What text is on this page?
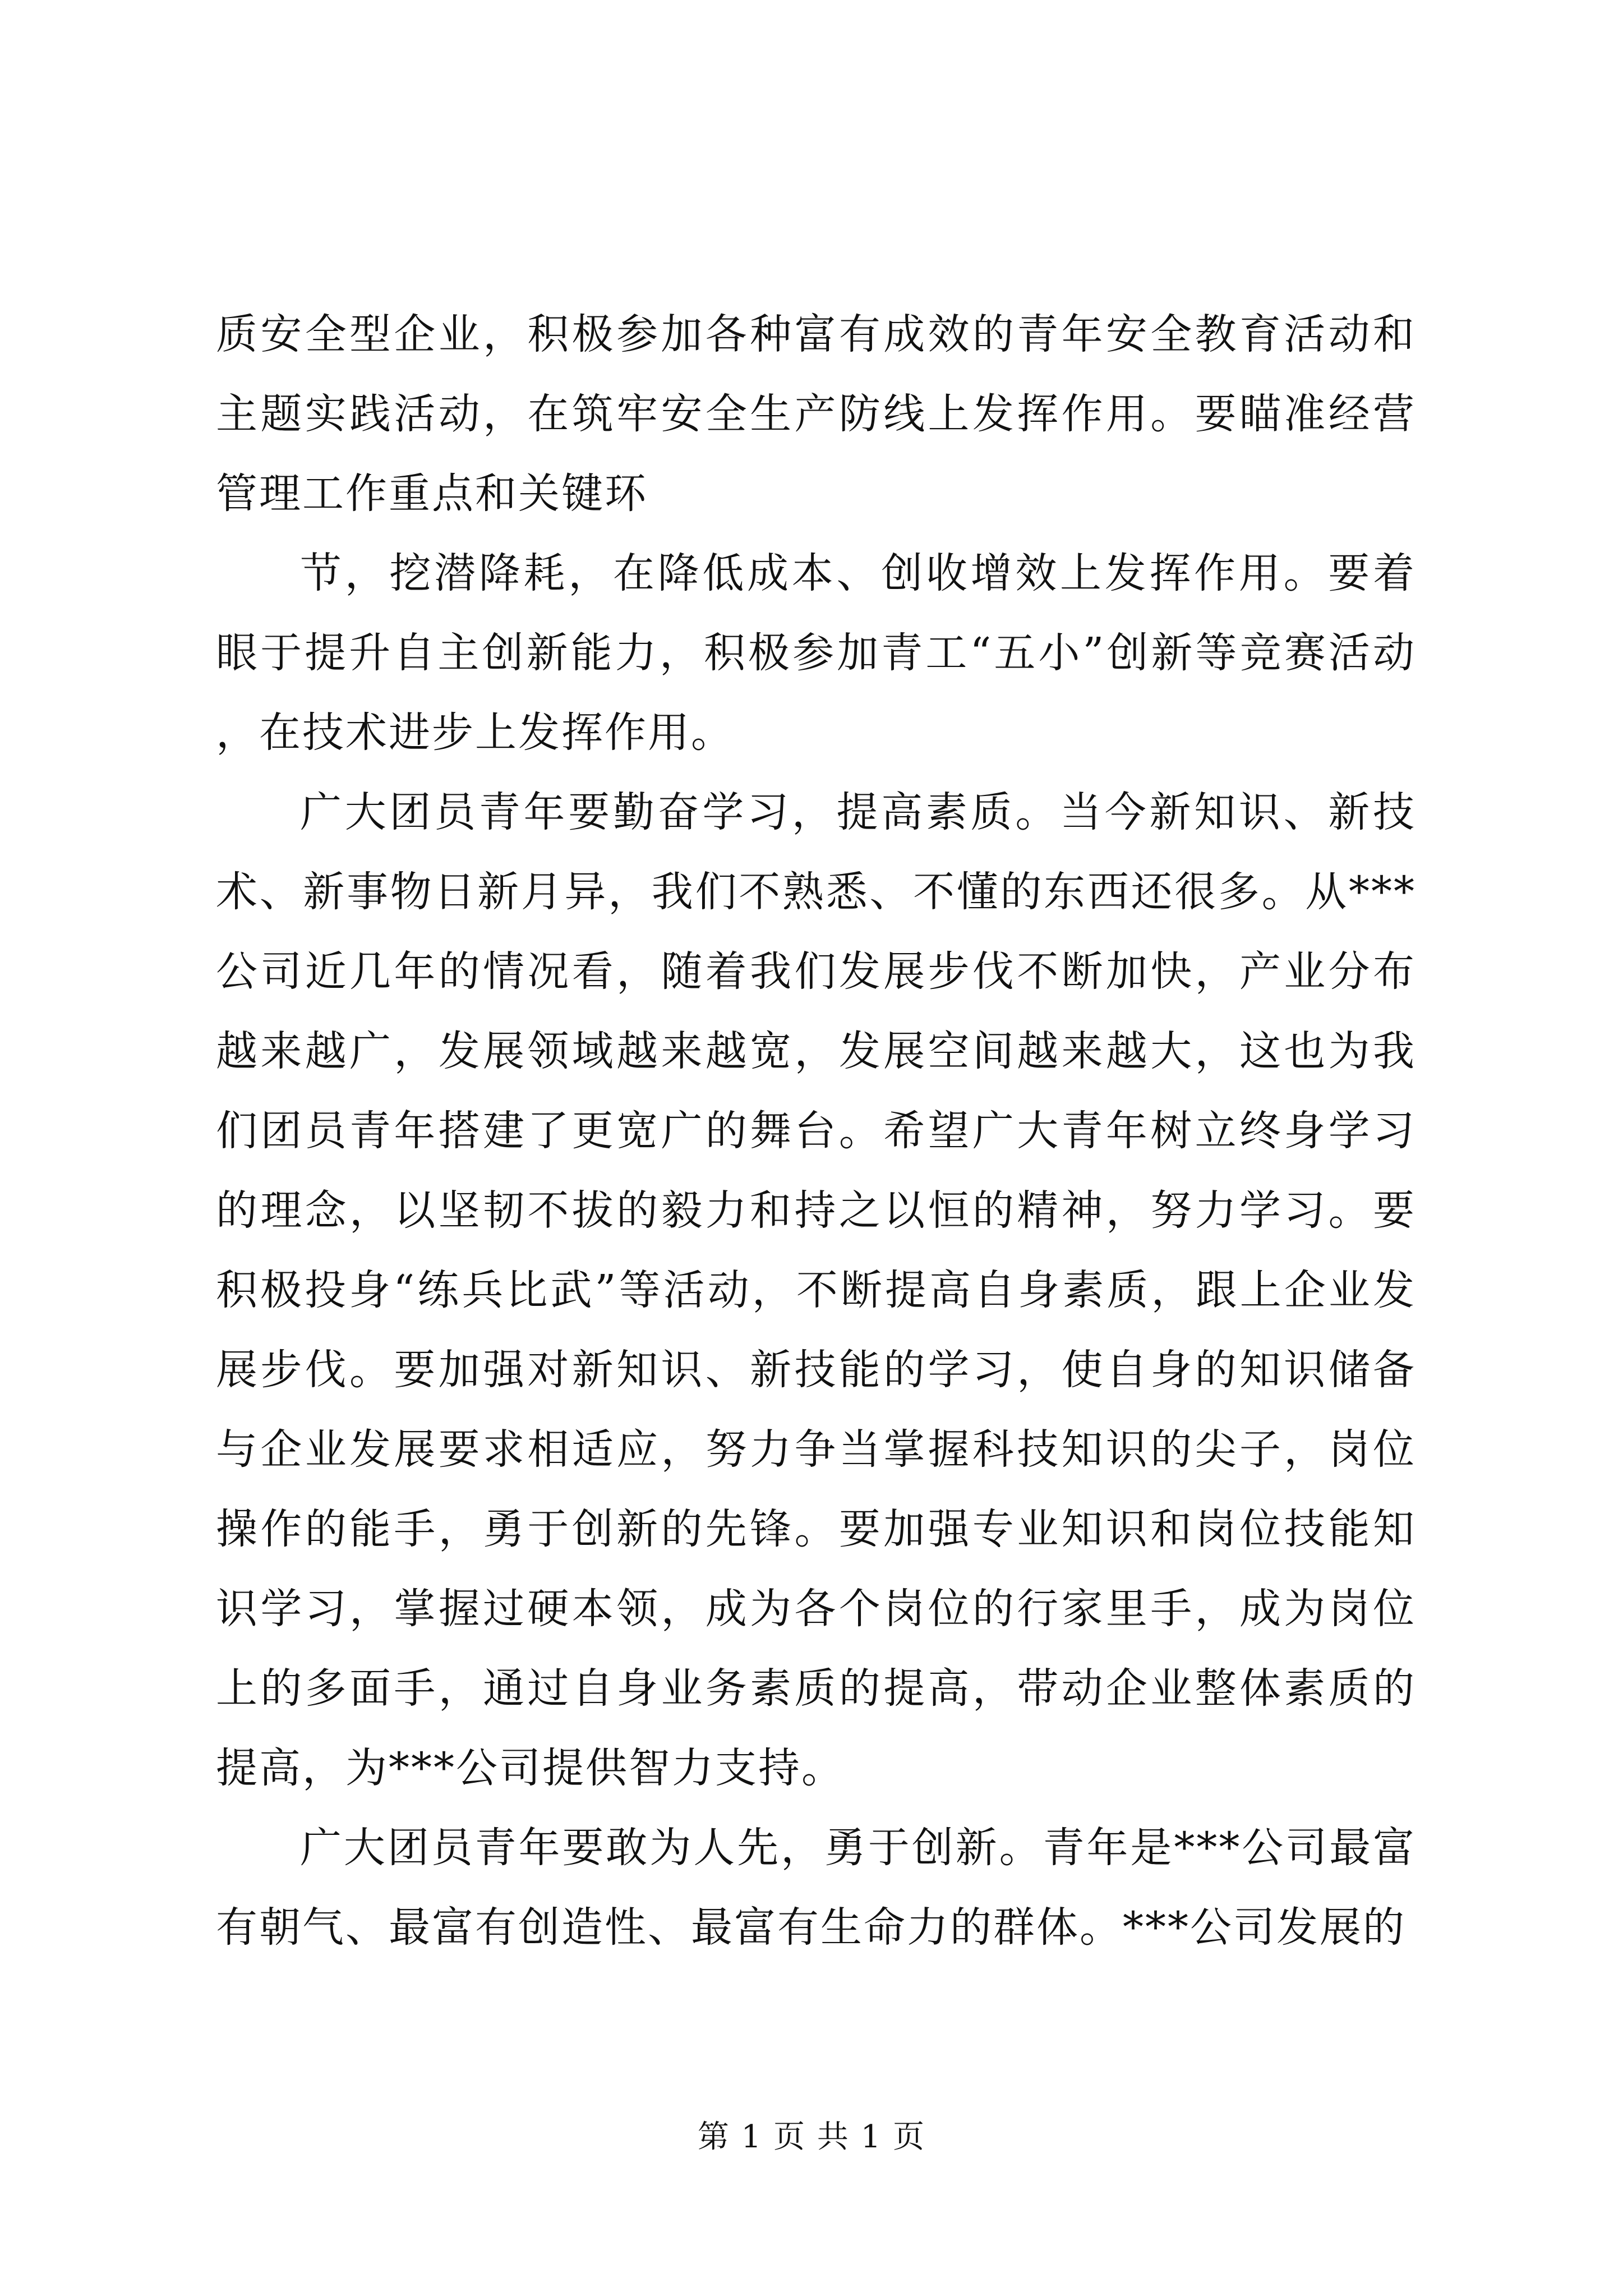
质安全型企业，积极参加各种富有成效的青年安全教育活动和主题实践活动，在筑牢安全生产防线上发挥作用。要瞄准经营管理工作重点和关键环

节，挖潜降耗，在降低成本、创收增效上发挥作用。要着眼于提升自主创新能力，积极参加青工“五小”创新等竞赛活动，在技术进步上发挥作用。

广大团员青年要勤奋学习，提高素质。当今新知识、新技术、新事物日新月异，我们不熟悉、不懂的东西还很多。从***公司近几年的情况看，随着我们发展步伐不断加快，产业分布越来越广，发展领域越来越宽，发展空间越来越大，这也为我们团员青年搭建了更宽广的舞台。希望广大青年树立终身学习的理念，以坚韧不拔的毅力和持之以恒的精神，努力学习。要积极投身“练兵比武”等活动，不断提高自身素质，跟上企业发展步伐。要加强对新知识、新技能的学习，使自身的知识储备与企业发展要求相适应，努力争当掌握科技知识的尖子，岗位操作的能手，勇于创新的先锋。要加强专业知识和岗位技能知识学习，掌握过硬本领，成为各个岗位的行家里手，成为岗位上的多面手，通过自身业务素质的提高，带动企业整体素质的提高，为***公司提供智力支持。

广大团员青年要敢为人先，勇于创新。青年是***公司最富有朝气、最富有创造性、最富有生命力的群体。***公司发展的

第 1 页 共 1 页
